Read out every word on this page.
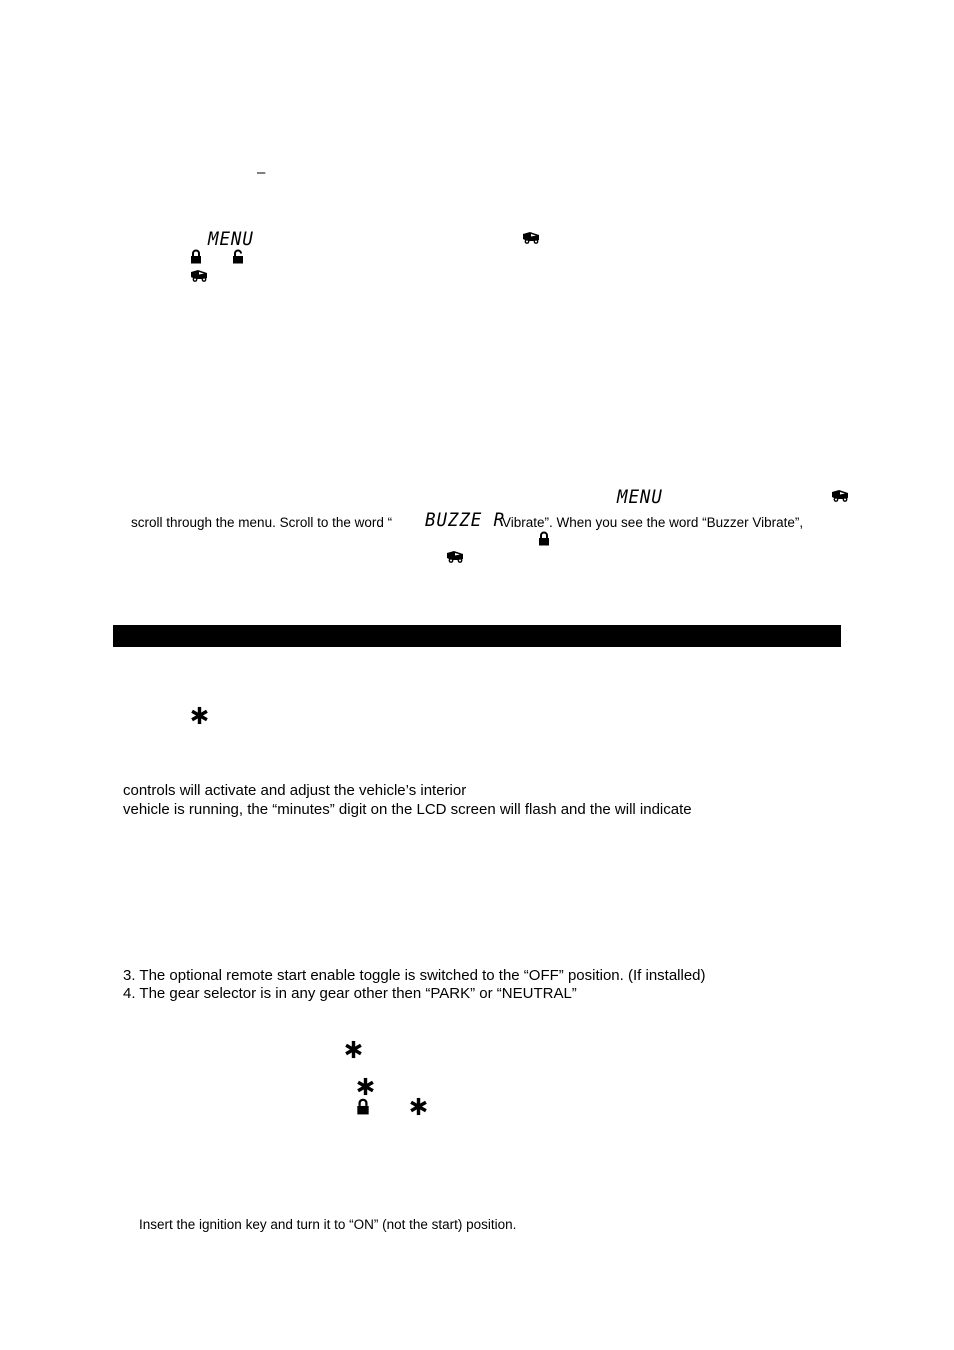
–
MENU
MENU
scroll through the menu. Scroll to the word “ BUZZE R
Vibrate”. When you see the word “Buzzer Vibrate”,
controls will activate and adjust the vehicle’s interior
vehicle is running, the “minutes” digit on the LCD screen will flash and the will indicate
3. The optional remote start enable toggle is switched to the “OFF” position. (If installed)
4. The gear selector is in any gear other then “PARK” or “NEUTRAL”
Insert the ignition key and turn it to “ON” (not the start) position.
